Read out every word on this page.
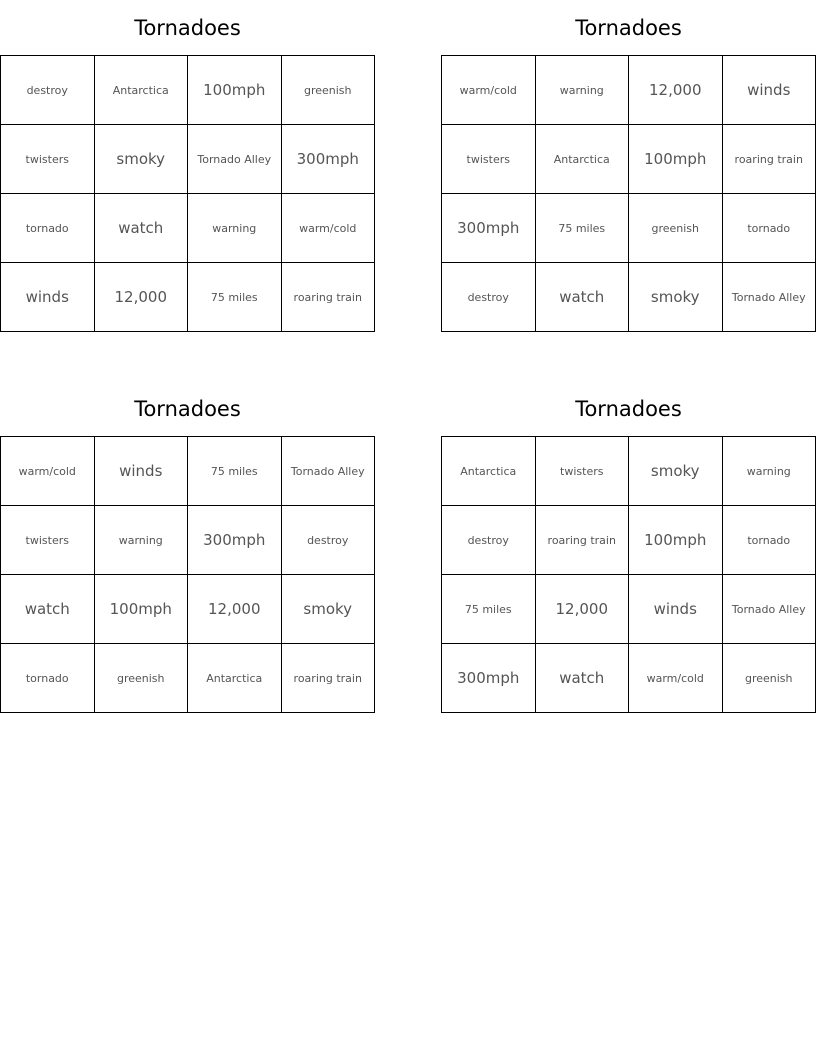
Tornadoes
destroy	Antarctica	100mph	greenish
twisters	smoky	Tornado Alley	300mph
tornado	watch	warning	warm/cold
winds	12,000	75 miles	roaring train
Tornadoes
warm/cold	warning	12,000	winds
twisters	Antarctica	100mph	roaring train
300mph	75 miles	greenish	tornado
destroy	watch	smoky	Tornado Alley
Tornadoes
warm/cold	winds	75 miles	Tornado Alley
twisters	warning	300mph	destroy
watch	100mph	12,000	smoky
tornado	greenish	Antarctica	roaring train
Tornadoes
Antarctica	twisters	smoky	warning
destroy	roaring train	100mph	tornado
75 miles	12,000	winds	Tornado Alley
300mph	watch	warm/cold	greenish
